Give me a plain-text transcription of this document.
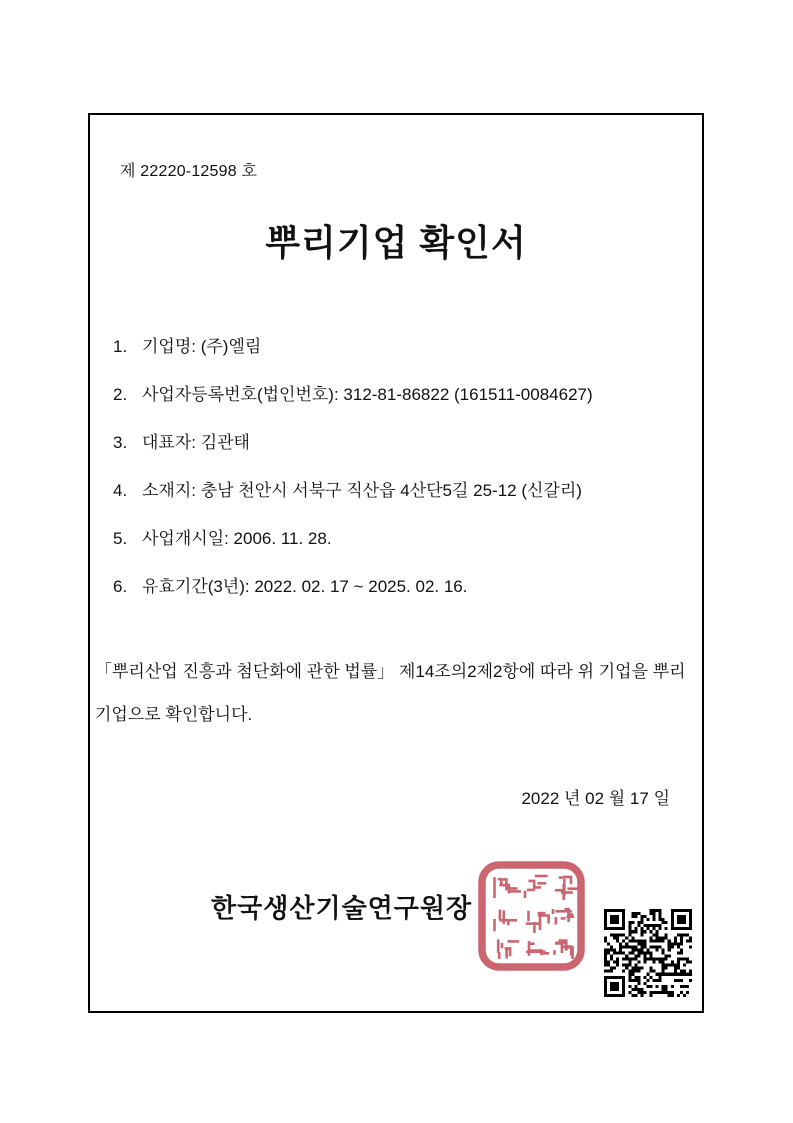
제 22220-12598 호
뿌리기업 확인서
1. 기업명: (주)엘림
2. 사업자등록번호(법인번호): 312-81-86822 (161511-0084627)
3. 대표자: 김관태
4. 소재지: 충남 천안시 서북구 직산읍 4산단5길 25-12 (신갈리)
5. 사업개시일: 2006. 11. 28.
6. 유효기간(3년): 2022. 02. 17 ~ 2025. 02. 16.

「뿌리산업 진흥과 첨단화에 관한 법률」 제14조의2제2항에 따라 위 기업을 뿌리기업으로 확인합니다.

2022 년 02 월 17 일
한국생산기술연구원장
